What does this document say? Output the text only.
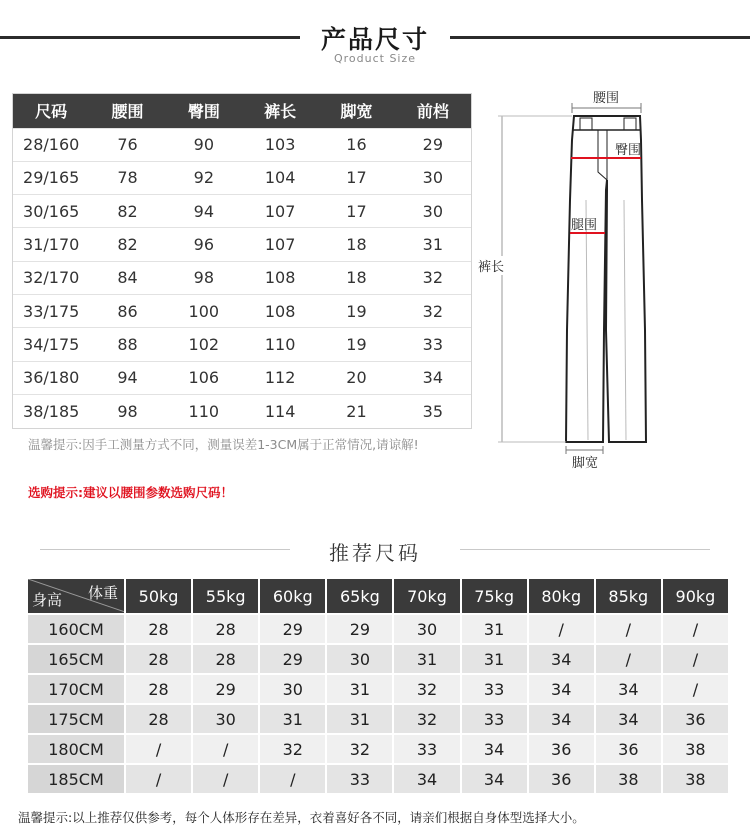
产品尺寸
Qroduct Size
尺码	腰围	臀围	裤长	脚宽	前档
28/160	76	90	103	16	29
29/165	78	92	104	17	30
30/165	82	94	107	17	30
31/170	82	96	107	18	31
32/170	84	98	108	18	32
33/175	86	100	108	19	32
34/175	88	102	110	19	33
36/180	94	106	112	20	34
38/185	98	110	114	21	35
温馨提示:因手工测量方式不同，测量误差1-3CM属于正常情况,请谅解!
选购提示:建议以腰围参数选购尺码！
腰围
臀围
腿围
裤长
脚宽
推荐尺码
体重
身高	50kg	55kg	60kg	65kg	70kg	75kg	80kg	85kg	90kg
160CM	28	28	29	29	30	31	/	/	/
165CM	28	28	29	30	31	31	34	/	/
170CM	28	29	30	31	32	33	34	34	/
175CM	28	30	31	31	32	33	34	34	36
180CM	/	/	32	32	33	34	36	36	38
185CM	/	/	/	33	34	34	36	38	38
温馨提示:以上推荐仅供参考，每个人体形存在差异，衣着喜好各不同，请亲们根据自身体型选择大小。
